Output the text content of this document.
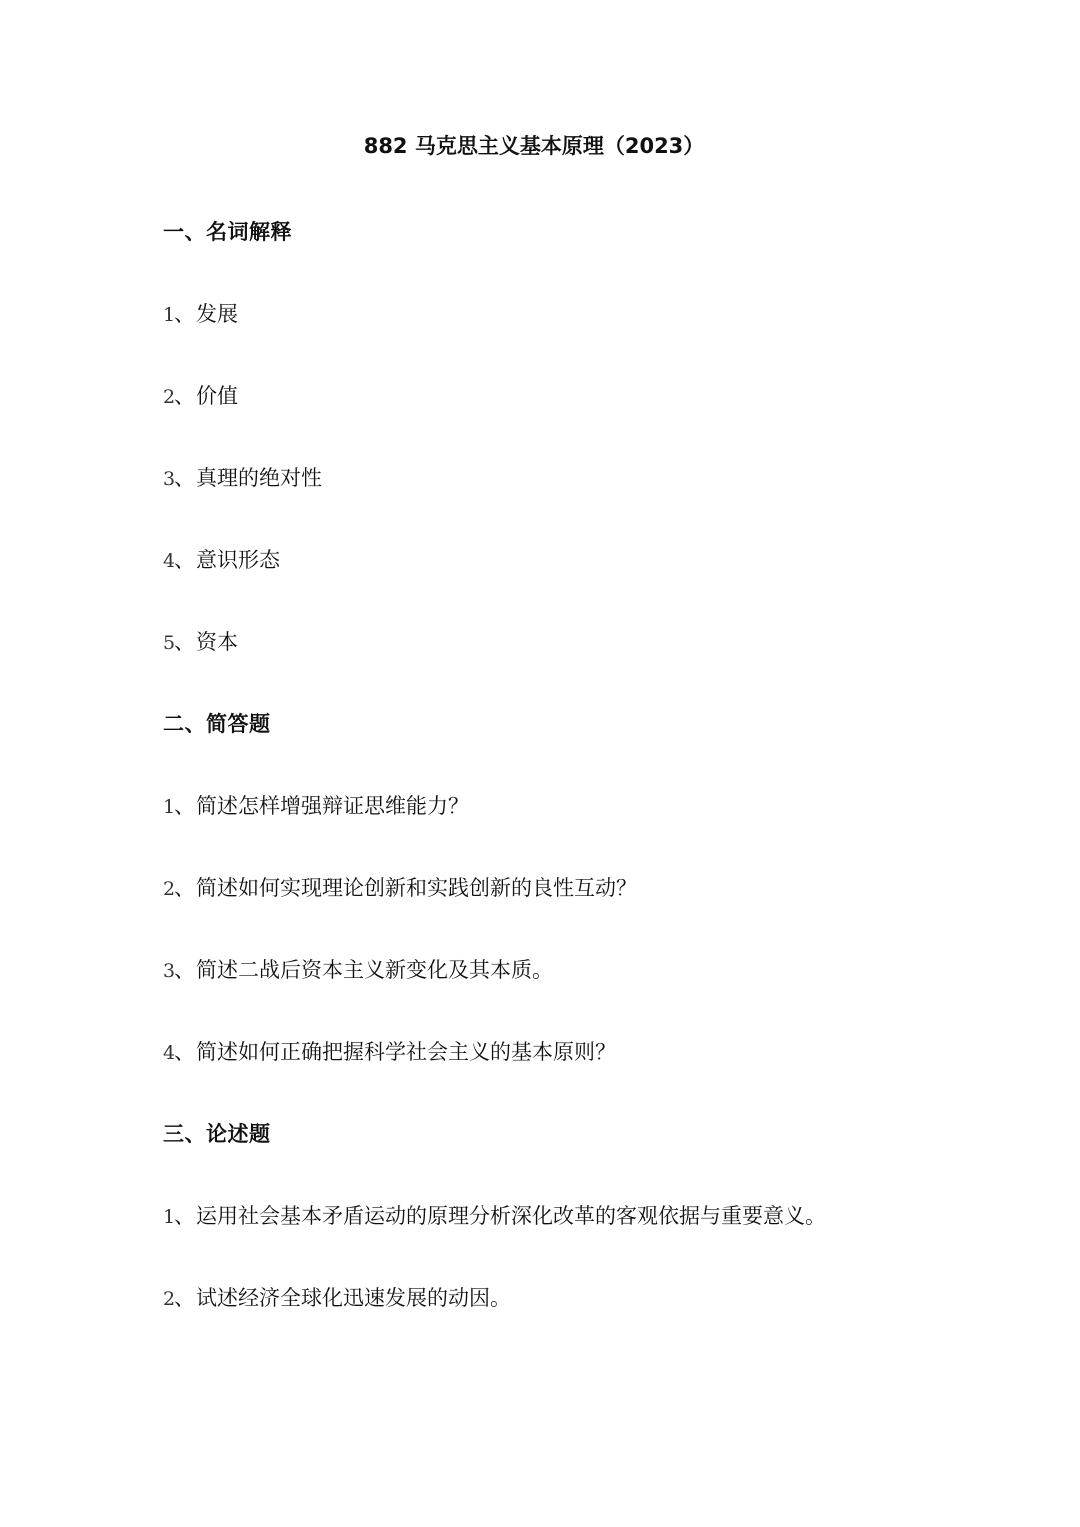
882 马克思主义基本原理（2023）
一、名词解释
1、发展
2、价值
3、真理的绝对性
4、意识形态
5、资本
二、简答题
1、简述怎样增强辩证思维能力？
2、简述如何实现理论创新和实践创新的良性互动？
3、简述二战后资本主义新变化及其本质。
4、简述如何正确把握科学社会主义的基本原则？
三、论述题
1、运用社会基本矛盾运动的原理分析深化改革的客观依据与重要意义。
2、试述经济全球化迅速发展的动因。
